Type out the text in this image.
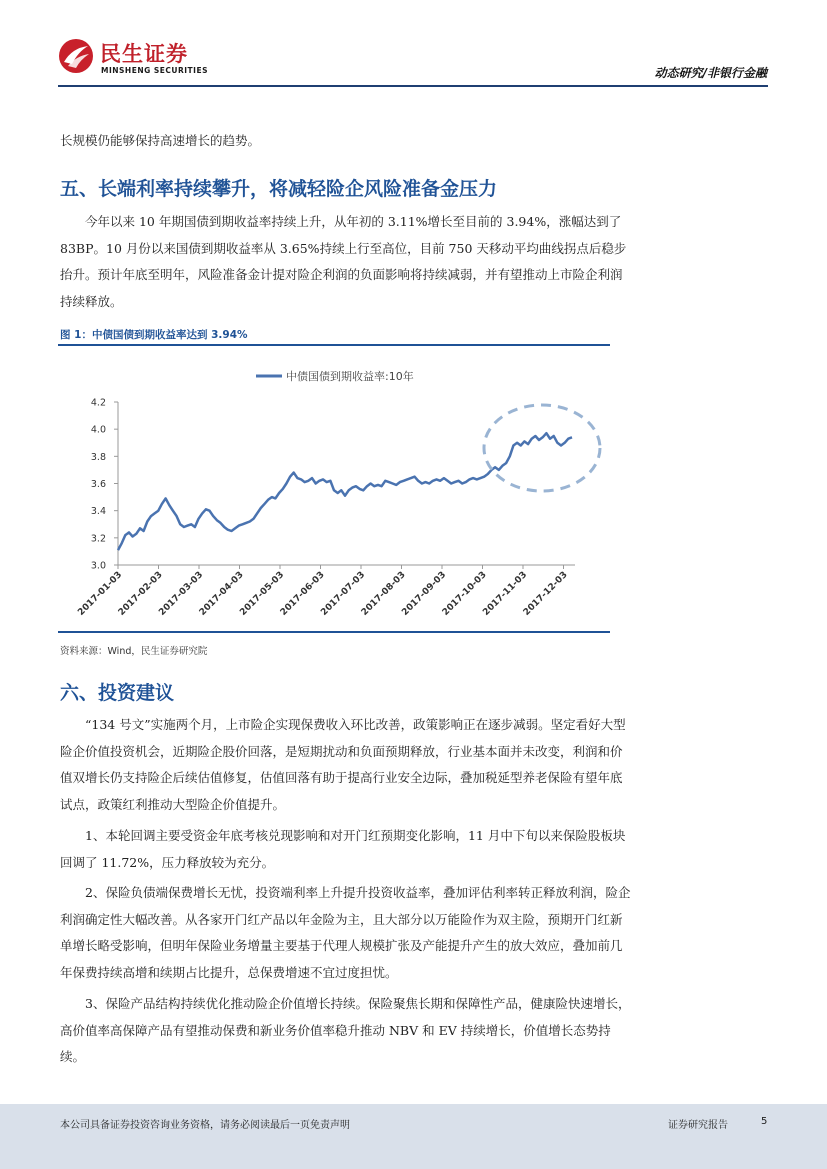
民生证券
MINSHENG SECURITIES	动态研究/非银行金融
长规模仍能够保持高速增长的趋势。
五、长端利率持续攀升，将减轻险企风险准备金压力
今年以来 10 年期国债到期收益率持续上升，从年初的 3.11%增长至目前的 3.94%，涨幅达到了 83BP。10 月份以来国债到期收益率从 3.65%持续上行至高位，目前 750 天移动平均曲线拐点后稳步抬升。预计年底至明年，风险准备金计提对险企利润的负面影响将持续减弱，并有望推动上市险企利润持续释放。
图 1：中债国债到期收益率达到 3.94%
中债国债到期收益率:10年
3.0
3.2
3.4
3.6
3.8
4.0
4.2
2017-01-03
2017-02-03
2017-03-03
2017-04-03
2017-05-03
2017-06-03
2017-07-03
2017-08-03
2017-09-03
2017-10-03
2017-11-03
2017-12-03
资料来源：Wind，民生证券研究院
六、投资建议
“134 号文”实施两个月，上市险企实现保费收入环比改善，政策影响正在逐步减弱。坚定看好大型险企价值投资机会，近期险企股价回落，是短期扰动和负面预期释放，行业基本面并未改变，利润和价值双增长仍支持险企后续估值修复，估值回落有助于提高行业安全边际，叠加税延型养老保险有望年底试点，政策红利推动大型险企价值提升。
1、本轮回调主要受资金年底考核兑现影响和对开门红预期变化影响，11 月中下旬以来保险股板块回调了 11.72%，压力释放较为充分。
2、保险负债端保费增长无忧，投资端利率上升提升投资收益率，叠加评估利率转正释放利润，险企利润确定性大幅改善。从各家开门红产品以年金险为主，且大部分以万能险作为双主险，预期开门红新单增长略受影响，但明年保险业务增量主要基于代理人规模扩张及产能提升产生的放大效应，叠加前几年保费持续高增和续期占比提升，总保费增速不宜过度担忧。
3、保险产品结构持续优化推动险企价值增长持续。保险聚焦长期和保障性产品，健康险快速增长，高价值率高保障产品有望推动保费和新业务价值率稳升推动 NBV 和 EV 持续增长，价值增长态势持续。
本公司具备证券投资咨询业务资格，请务必阅读最后一页免责声明	证券研究报告	5
